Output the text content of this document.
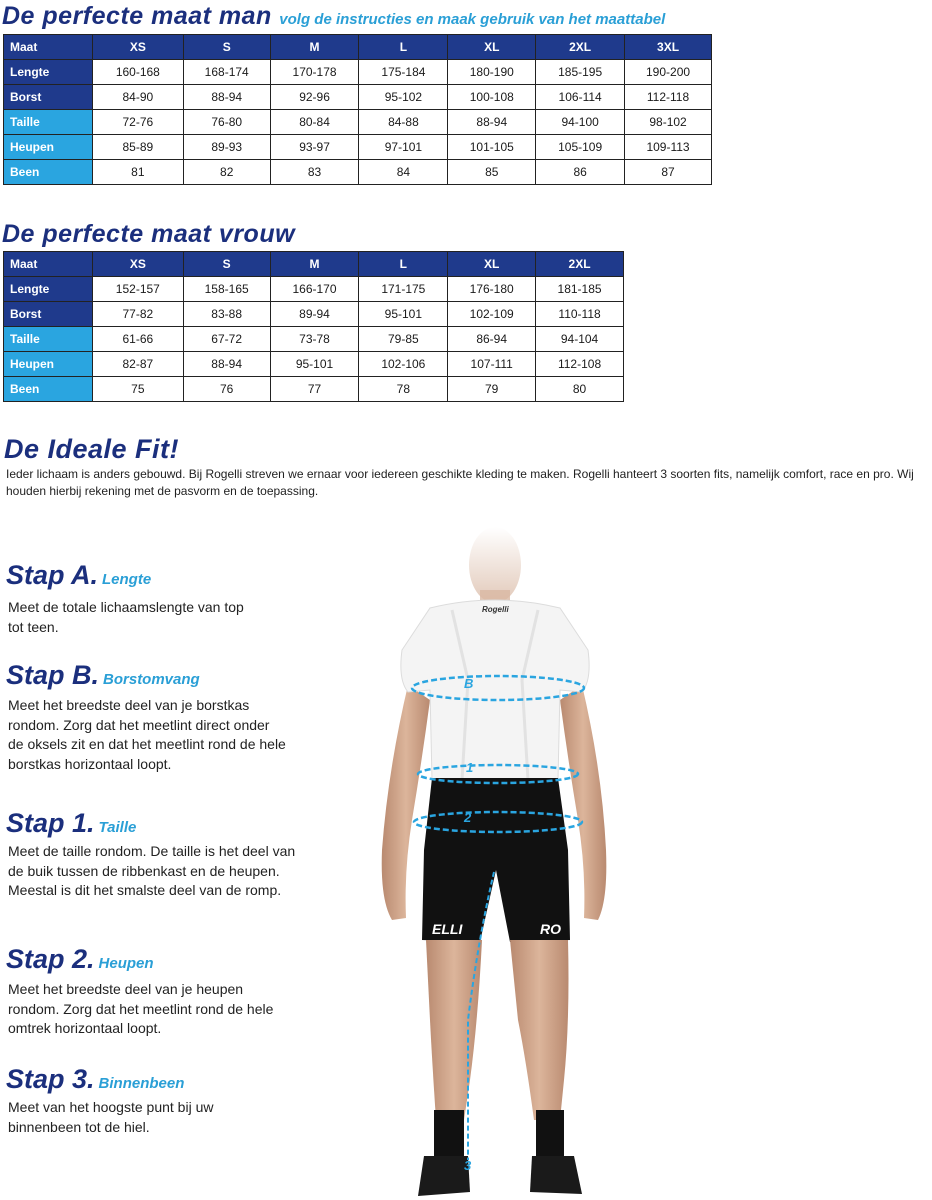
De perfecte maat man volg de instructies en maak gebruik van het maattabel
Maat	XS	S	M	L	XL	2XL	3XL
Lengte	160-168	168-174	170-178	175-184	180-190	185-195	190-200
Borst	84-90	88-94	92-96	95-102	100-108	106-114	112-118
Taille	72-76	76-80	80-84	84-88	88-94	94-100	98-102
Heupen	85-89	89-93	93-97	97-101	101-105	105-109	109-113
Been	81	82	83	84	85	86	87
De perfecte maat vrouw
Maat	XS	S	M	L	XL	2XL
Lengte	152-157	158-165	166-170	171-175	176-180	181-185
Borst	77-82	83-88	89-94	95-101	102-109	110-118
Taille	61-66	67-72	73-78	79-85	86-94	94-104
Heupen	82-87	88-94	95-101	102-106	107-111	112-108
Been	75	76	77	78	79	80
De Ideale Fit!
Ieder lichaam is anders gebouwd. Bij Rogelli streven we ernaar voor iedereen geschikte kleding te maken. Rogelli hanteert 3 soorten fits, namelijk comfort, race en pro. Wij houden hierbij rekening met de pasvorm en de toepassing.
Stap A. Lengte
Meet de totale lichaamslengte van top tot teen.
Stap B. Borstomvang
Meet het breedste deel van je borstkas rondom. Zorg dat het meetlint direct onder de oksels zit en dat het meetlint rond de hele borstkas horizontaal loopt.
Stap 1. Taille
Meet de taille rondom. De taille is het deel van de buik tussen de ribbenkast en de heupen. Meestal is dit het smalste deel van de romp.
Stap 2. Heupen
Meet het breedste deel van je heupen rondom. Zorg dat het meetlint rond de hele omtrek horizontaal loopt.
Stap 3. Binnenbeen
Meet van het hoogste punt bij uw binnenbeen tot de hiel.
Rogelli
ELLI	RO
B
1
2
3
